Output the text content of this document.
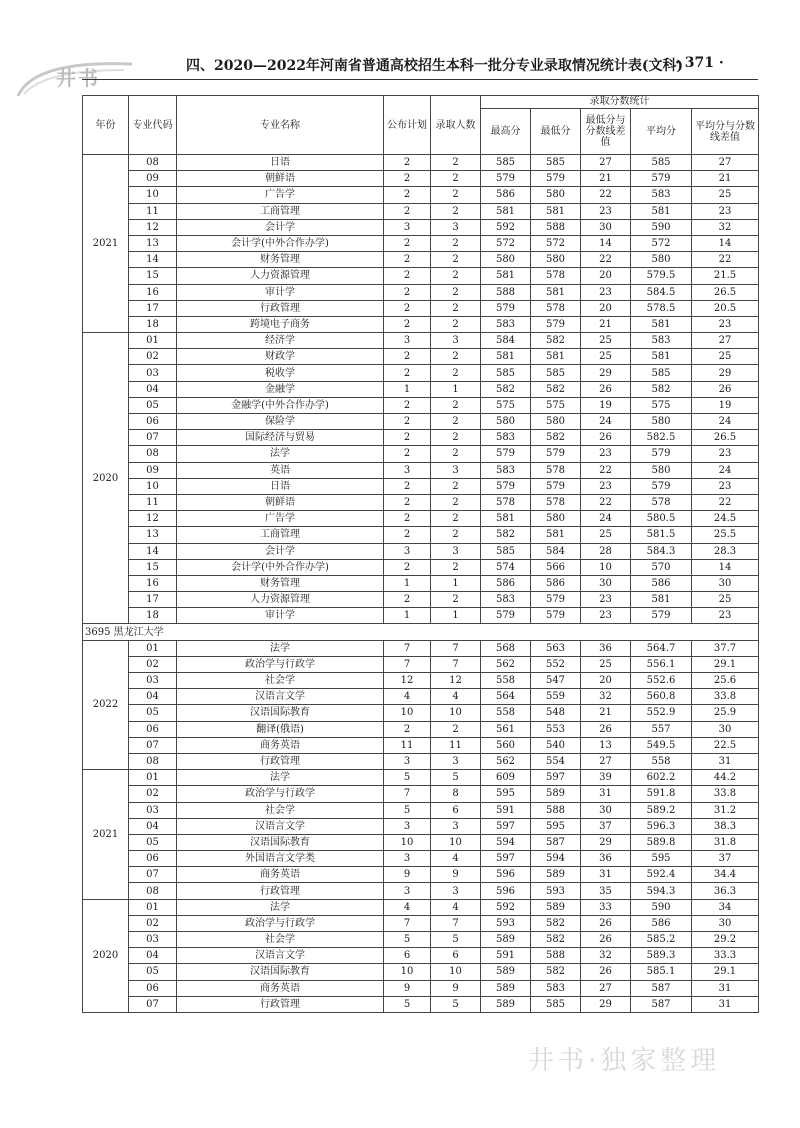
井书	四、2020—2022年河南省普通高校招生本科一批分专业录取情况统计表(文科)
· 371 ·
年份	专业代码	专业名称	公布计划	录取人数	录取分数统计				
					最高分	最低分	最低分与分数线差值	平均分	平均分与分数线差值
2021	08	日语	2	2	585	585	27	585	27
	09	朝鲜语	2	2	579	579	21	579	21
	10	广告学	2	2	586	580	22	583	25
	11	工商管理	2	2	581	581	23	581	23
	12	会计学	3	3	592	588	30	590	32
	13	会计学(中外合作办学)	2	2	572	572	14	572	14
	14	财务管理	2	2	580	580	22	580	22
	15	人力资源管理	2	2	581	578	20	579.5	21.5
	16	审计学	2	2	588	581	23	584.5	26.5
	17	行政管理	2	2	579	578	20	578.5	20.5
	18	跨境电子商务	2	2	583	579	21	581	23
2020	01	经济学	3	3	584	582	25	583	27
	02	财政学	2	2	581	581	25	581	25
	03	税收学	2	2	585	585	29	585	29
	04	金融学	1	1	582	582	26	582	26
	05	金融学(中外合作办学)	2	2	575	575	19	575	19
	06	保险学	2	2	580	580	24	580	24
	07	国际经济与贸易	2	2	583	582	26	582.5	26.5
	08	法学	2	2	579	579	23	579	23
	09	英语	3	3	583	578	22	580	24
	10	日语	2	2	579	579	23	579	23
	11	朝鲜语	2	2	578	578	22	578	22
	12	广告学	2	2	581	580	24	580.5	24.5
	13	工商管理	2	2	582	581	25	581.5	25.5
	14	会计学	3	3	585	584	28	584.3	28.3
	15	会计学(中外合作办学)	2	2	574	566	10	570	14
	16	财务管理	1	1	586	586	30	586	30
	17	人力资源管理	2	2	583	579	23	581	25
	18	审计学	1	1	579	579	23	579	23
3695 黑龙江大学									
2022	01	法学	7	7	568	563	36	564.7	37.7
	02	政治学与行政学	7	7	562	552	25	556.1	29.1
	03	社会学	12	12	558	547	20	552.6	25.6
	04	汉语言文学	4	4	564	559	32	560.8	33.8
	05	汉语国际教育	10	10	558	548	21	552.9	25.9
	06	翻译(俄语)	2	2	561	553	26	557	30
	07	商务英语	11	11	560	540	13	549.5	22.5
	08	行政管理	3	3	562	554	27	558	31
2021	01	法学	5	5	609	597	39	602.2	44.2
	02	政治学与行政学	7	8	595	589	31	591.8	33.8
	03	社会学	5	6	591	588	30	589.2	31.2
	04	汉语言文学	3	3	597	595	37	596.3	38.3
	05	汉语国际教育	10	10	594	587	29	589.8	31.8
	06	外国语言文学类	3	4	597	594	36	595	37
	07	商务英语	9	9	596	589	31	592.4	34.4
	08	行政管理	3	3	596	593	35	594.3	36.3
2020	01	法学	4	4	592	589	33	590	34
	02	政治学与行政学	7	7	593	582	26	586	30
	03	社会学	5	5	589	582	26	585.2	29.2
	04	汉语言文学	6	6	591	588	32	589.3	33.3
	05	汉语国际教育	10	10	589	582	26	585.1	29.1
	06	商务英语	9	9	589	583	27	587	31
	07	行政管理	5	5	589	585	29	587	31
井书·独家整理
